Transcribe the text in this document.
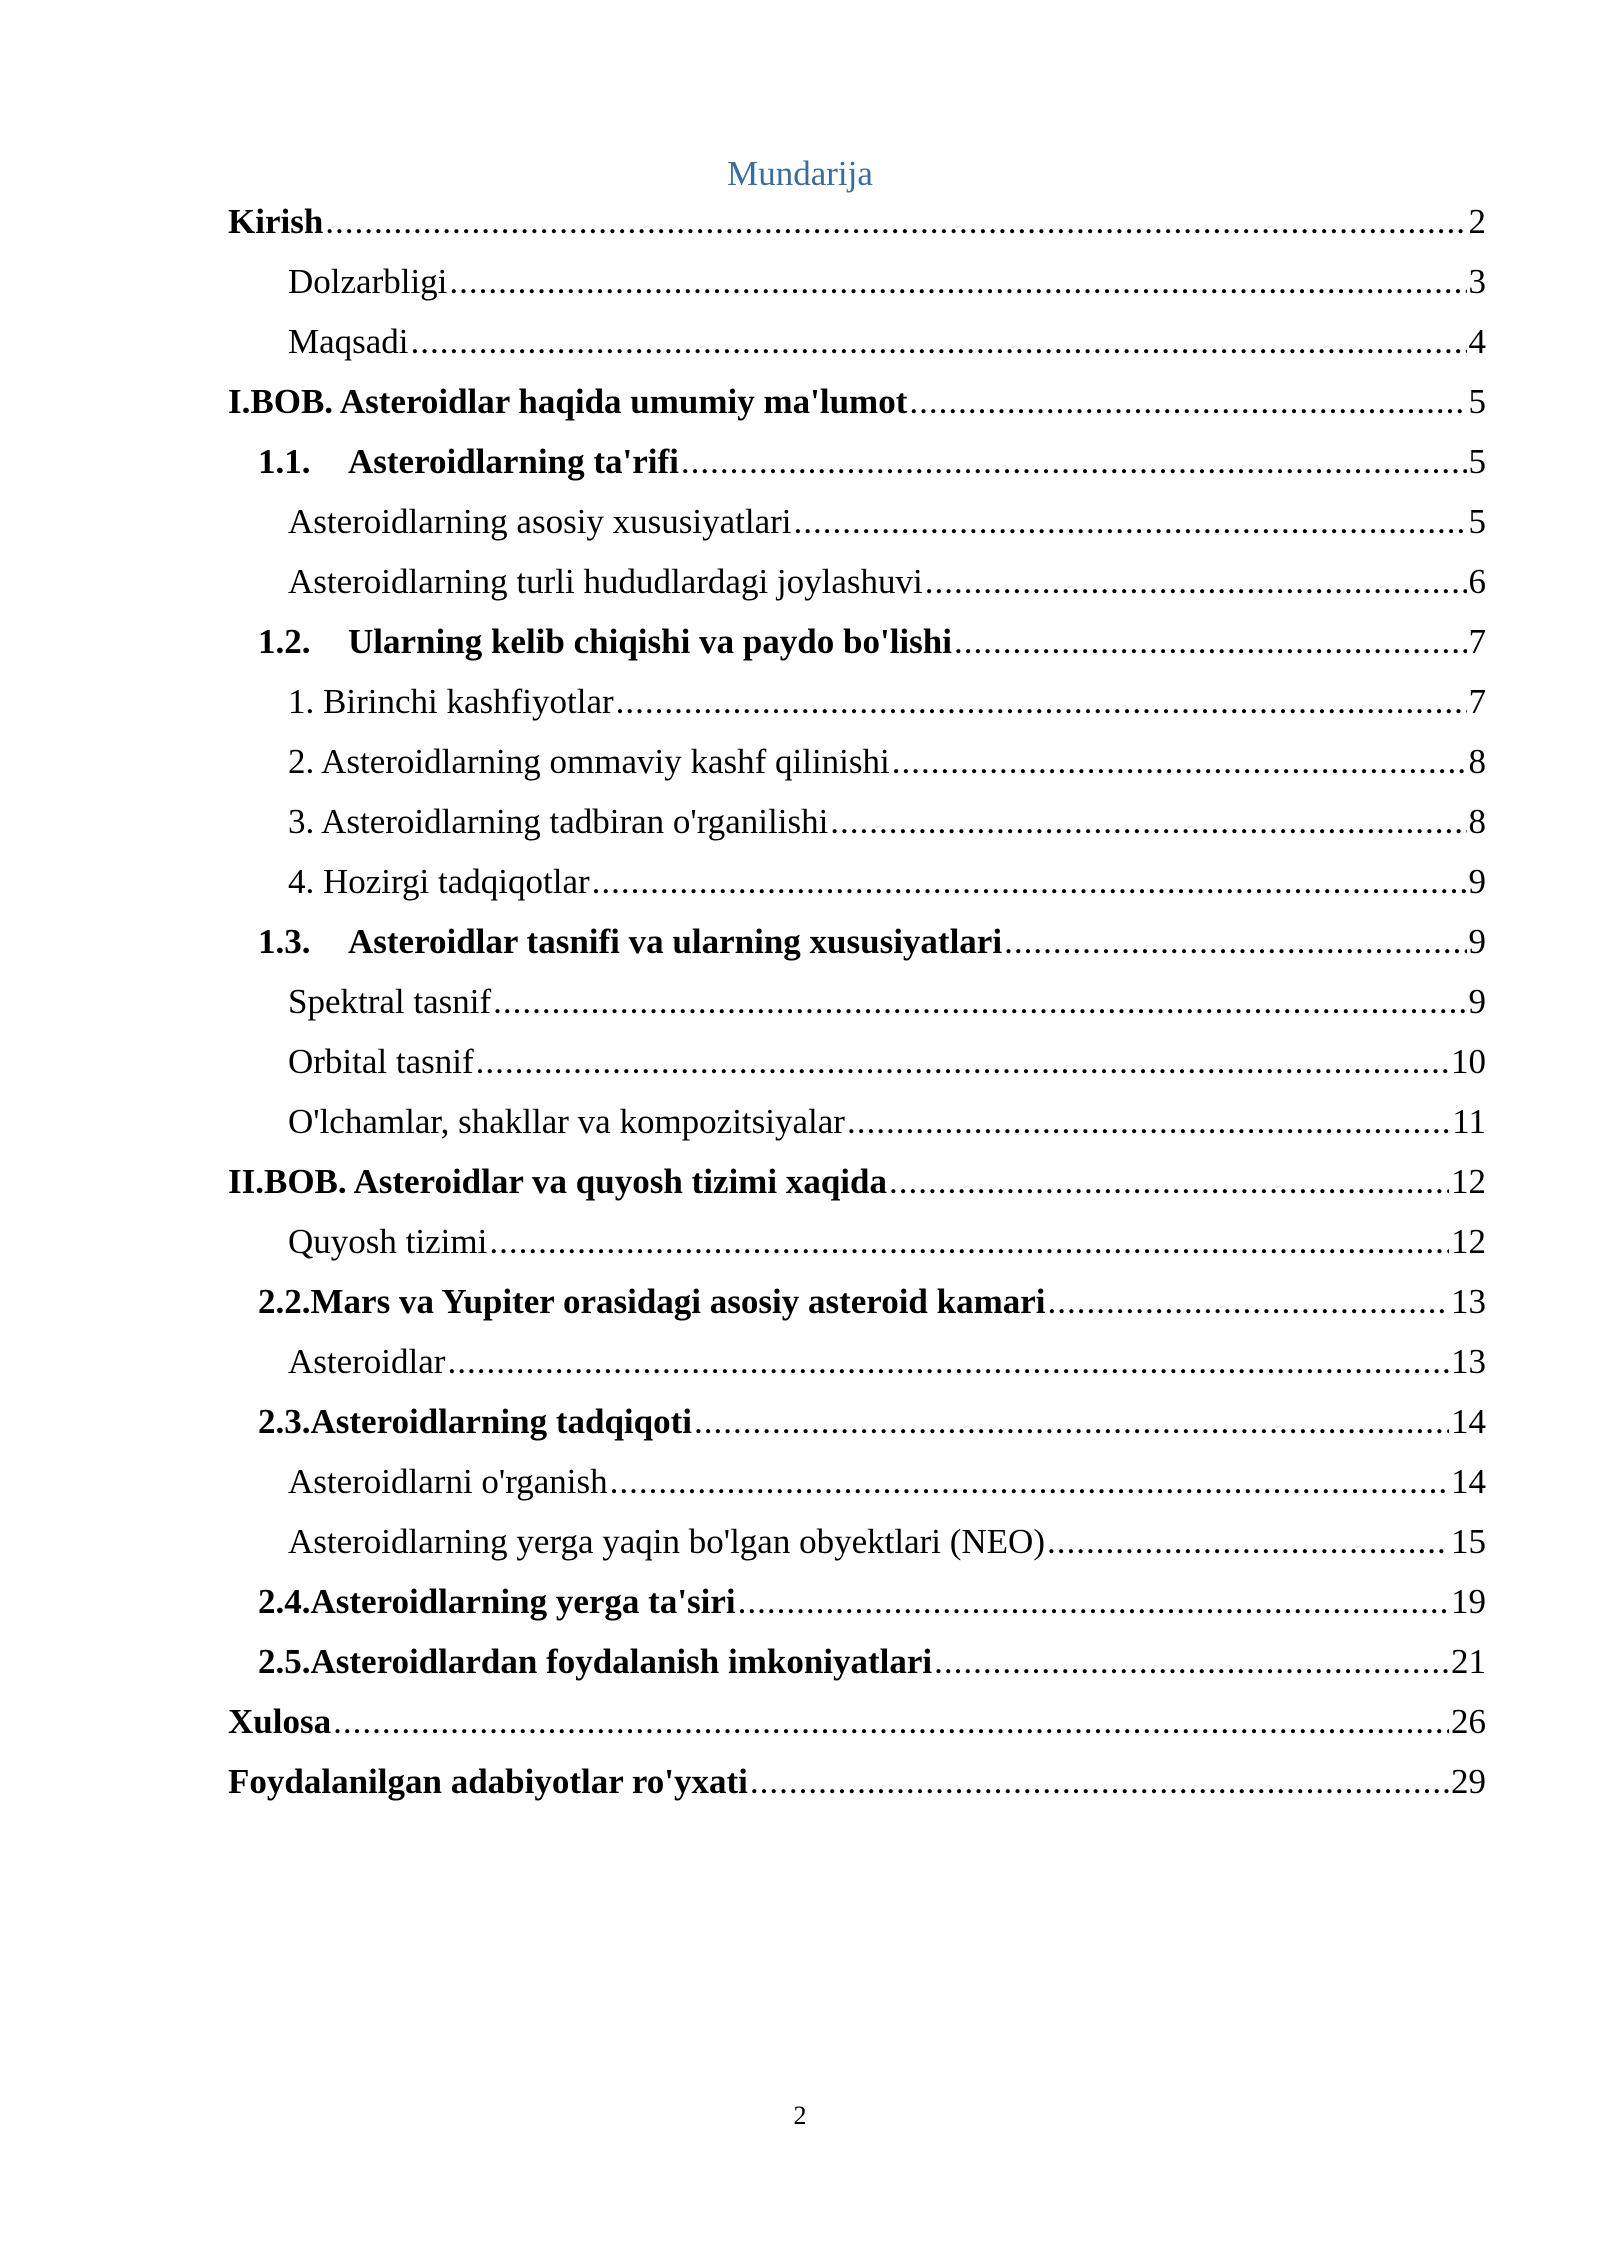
Mundarija
Kirish .....	2
Dolzarbligi .....	3
Maqsadi .....	4
I.BOB. Asteroidlar haqida umumiy ma'lumot .....	5
1.1.	Asteroidlarning ta'rifi .....	5
Asteroidlarning asosiy xususiyatlari .....	5
Asteroidlarning turli hududlardagi joylashuvi .....	6
1.2.	Ularning kelib chiqishi va paydo bo'lishi .....	7
1. Birinchi kashfiyotlar .....	7
2. Asteroidlarning ommaviy kashf qilinishi .....	8
3. Asteroidlarning tadbiran o'rganilishi .....	8
4. Hozirgi tadqiqotlar .....	9
1.3.	Asteroidlar tasnifi va ularning xususiyatlari .....	9
Spektral tasnif .....	9
Orbital tasnif .....	10
O'lchamlar, shakllar va kompozitsiyalar .....	11
II.BOB. Asteroidlar va quyosh tizimi xaqida .....	12
Quyosh tizimi .....	12
2.2.Mars va Yupiter orasidagi asosiy asteroid kamari .....	13
Asteroidlar .....	13
2.3.Asteroidlarning tadqiqoti .....	14
Asteroidlarni o'rganish .....	14
Asteroidlarning yerga yaqin bo'lgan obyektlari (NEO) .....	15
2.4.Asteroidlarning yerga ta'siri .....	19
2.5.Asteroidlardan foydalanish imkoniyatlari .....	21
Xulosa .....	26
Foydalanilgan adabiyotlar ro'yxati .....	29
2
